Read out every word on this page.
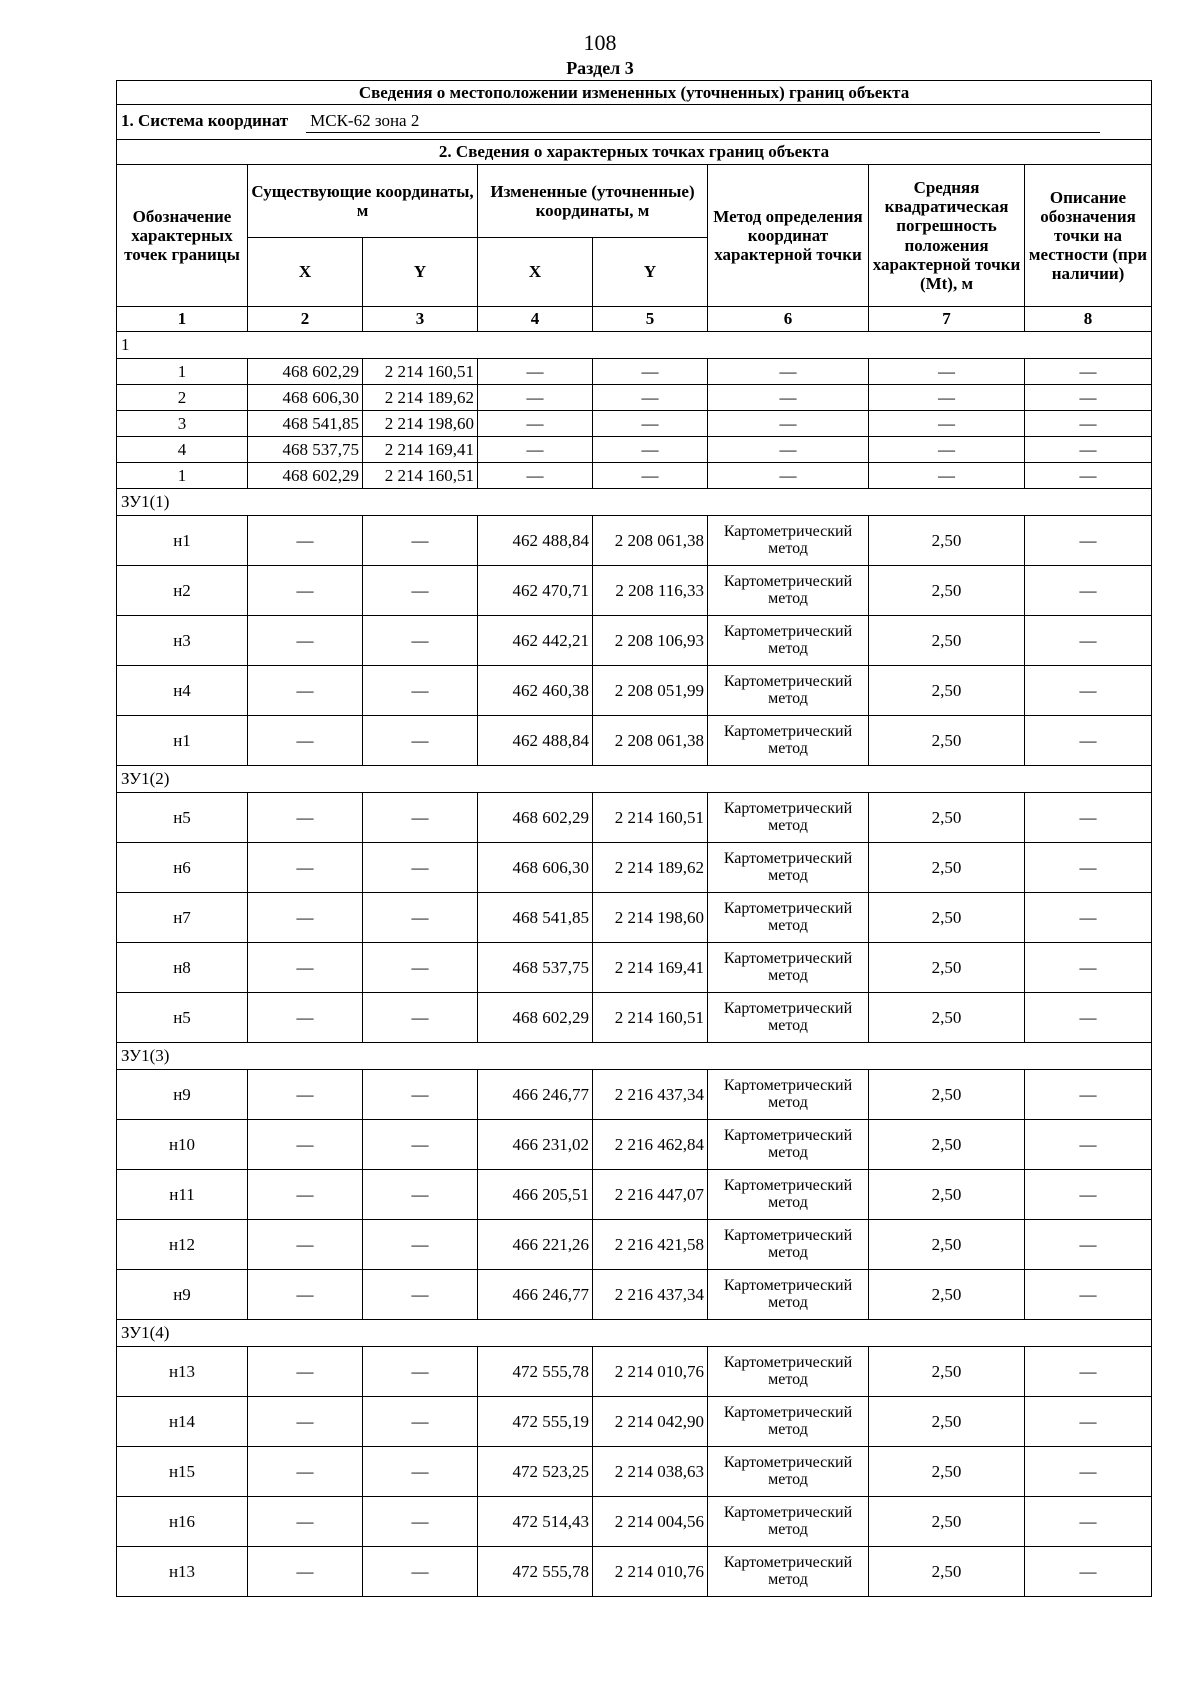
108
Раздел 3
Сведения о местоположении измененных (уточненных) границ объекта							
1. Система координат МСК-62 зона 2							
2. Сведения о характерных точках границ объекта							
Обозначение характерных точек границы	Существующие координаты, м		Измененные (уточненные) координаты, м		Метод определения координат характерной точки	Средняя квадратическая погрешность положения характерной точки (Mt), м	Описание обозначения точки на местности (при наличии)
	X	Y	X	Y			
1	2	3	4	5	6	7	8
1							
1	468 602,29	2 214 160,51	—	—	—	—	—
2	468 606,30	2 214 189,62	—	—	—	—	—
3	468 541,85	2 214 198,60	—	—	—	—	—
4	468 537,75	2 214 169,41	—	—	—	—	—
1	468 602,29	2 214 160,51	—	—	—	—	—
ЗУ1(1)							
н1	—	—	462 488,84	2 208 061,38	Картометрический метод	2,50	—
н2	—	—	462 470,71	2 208 116,33	Картометрический метод	2,50	—
н3	—	—	462 442,21	2 208 106,93	Картометрический метод	2,50	—
н4	—	—	462 460,38	2 208 051,99	Картометрический метод	2,50	—
н1	—	—	462 488,84	2 208 061,38	Картометрический метод	2,50	—
ЗУ1(2)							
н5	—	—	468 602,29	2 214 160,51	Картометрический метод	2,50	—
н6	—	—	468 606,30	2 214 189,62	Картометрический метод	2,50	—
н7	—	—	468 541,85	2 214 198,60	Картометрический метод	2,50	—
н8	—	—	468 537,75	2 214 169,41	Картометрический метод	2,50	—
н5	—	—	468 602,29	2 214 160,51	Картометрический метод	2,50	—
ЗУ1(3)							
н9	—	—	466 246,77	2 216 437,34	Картометрический метод	2,50	—
н10	—	—	466 231,02	2 216 462,84	Картометрический метод	2,50	—
н11	—	—	466 205,51	2 216 447,07	Картометрический метод	2,50	—
н12	—	—	466 221,26	2 216 421,58	Картометрический метод	2,50	—
н9	—	—	466 246,77	2 216 437,34	Картометрический метод	2,50	—
ЗУ1(4)							
н13	—	—	472 555,78	2 214 010,76	Картометрический метод	2,50	—
н14	—	—	472 555,19	2 214 042,90	Картометрический метод	2,50	—
н15	—	—	472 523,25	2 214 038,63	Картометрический метод	2,50	—
н16	—	—	472 514,43	2 214 004,56	Картометрический метод	2,50	—
н13	—	—	472 555,78	2 214 010,76	Картометрический метод	2,50	—
